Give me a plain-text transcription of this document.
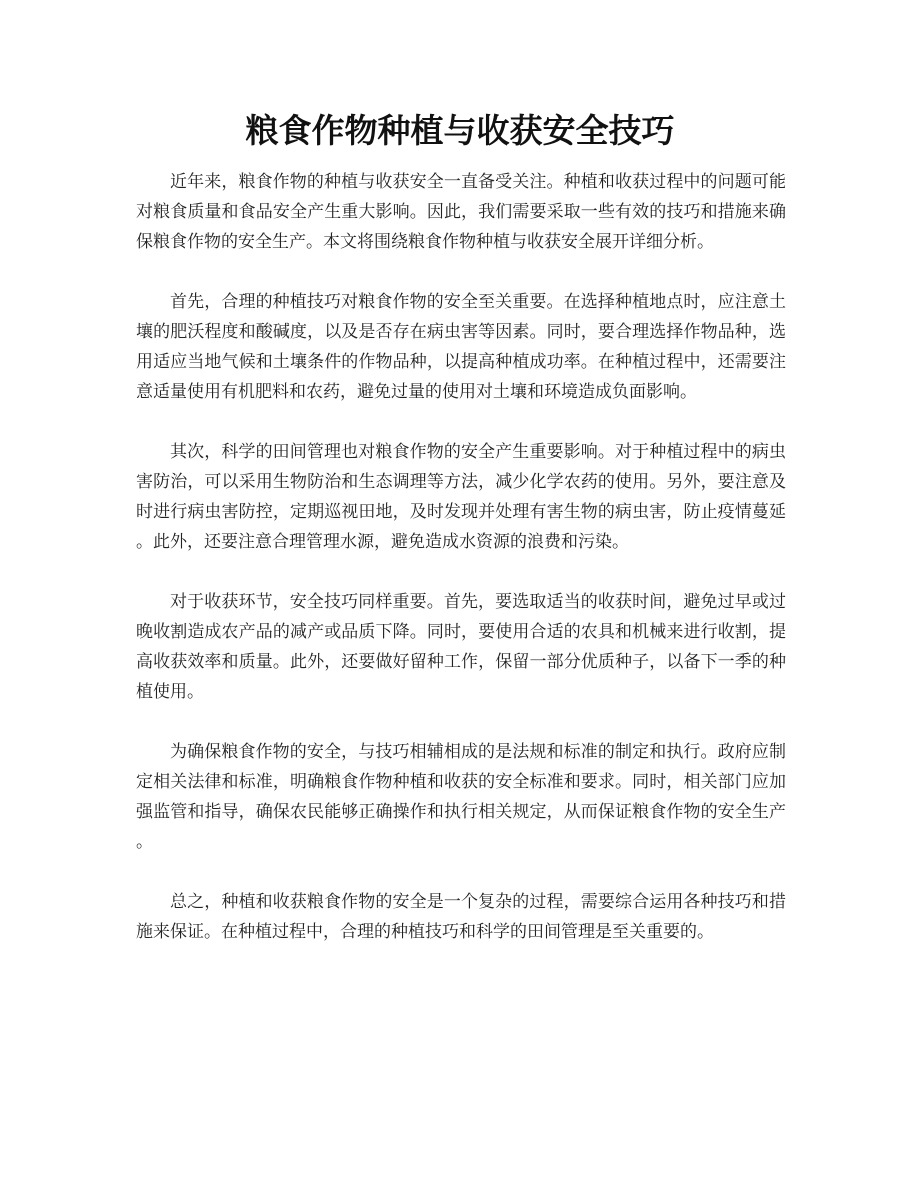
粮食作物种植与收获安全技巧

近年来，粮食作物的种植与收获安全一直备受关注。种植和收获过程中的问题可能对粮食质量和食品安全产生重大影响。因此，我们需要采取一些有效的技巧和措施来确保粮食作物的安全生产。本文将围绕粮食作物种植与收获安全展开详细分析。

首先，合理的种植技巧对粮食作物的安全至关重要。在选择种植地点时，应注意土壤的肥沃程度和酸碱度，以及是否存在病虫害等因素。同时，要合理选择作物品种，选用适应当地气候和土壤条件的作物品种，以提高种植成功率。在种植过程中，还需要注意适量使用有机肥料和农药，避免过量的使用对土壤和环境造成负面影响。

其次，科学的田间管理也对粮食作物的安全产生重要影响。对于种植过程中的病虫害防治，可以采用生物防治和生态调理等方法，减少化学农药的使用。另外，要注意及时进行病虫害防控，定期巡视田地，及时发现并处理有害生物的病虫害，防止疫情蔓延。此外，还要注意合理管理水源，避免造成水资源的浪费和污染。

对于收获环节，安全技巧同样重要。首先，要选取适当的收获时间，避免过早或过晚收割造成农产品的减产或品质下降。同时，要使用合适的农具和机械来进行收割，提高收获效率和质量。此外，还要做好留种工作，保留一部分优质种子，以备下一季的种植使用。

为确保粮食作物的安全，与技巧相辅相成的是法规和标准的制定和执行。政府应制定相关法律和标准，明确粮食作物种植和收获的安全标准和要求。同时，相关部门应加强监管和指导，确保农民能够正确操作和执行相关规定，从而保证粮食作物的安全生产。

总之，种植和收获粮食作物的安全是一个复杂的过程，需要综合运用各种技巧和措施来保证。在种植过程中，合理的种植技巧和科学的田间管理是至关重要的。
